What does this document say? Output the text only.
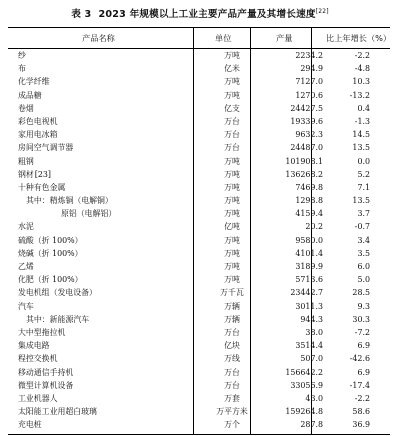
表 3 2023 年规模以上工业主要产品产量及其增长速度[22]
产品名称	单位	产量	比上年增长（%）
纱	万吨	2234.2	-2.2
布	亿米	294.9	-4.8
化学纤维	万吨	7127.0	10.3
成品糖	万吨	1270.6	-13.2
卷烟	亿支	24427.5	0.4
彩色电视机	万台	19339.6	-1.3
家用电冰箱	万台	9632.3	14.5
房间空气调节器	万台	24487.0	13.5
粗钢	万吨	101908.1	0.0
钢材 [23]	万吨	136268.2	5.2
十种有色金属	万吨	7469.8	7.1
其中：精炼铜（电解铜）	万吨	1298.8	13.5
原铝（电解铝）	万吨	4159.4	3.7
水泥	亿吨	20.2	-0.7
硫酸（折 100%）	万吨	9580.0	3.4
烧碱（折 100%）	万吨	4101.4	3.5
乙烯	万吨	3189.9	6.0
化肥（折 100%）	万吨	5713.6	5.0
发电机组（发电设备）	万千瓦	23442.7	28.5
汽车	万辆	3011.3	9.3
其中：新能源汽车	万辆	944.3	30.3
大中型拖拉机	万台	38.0	-7.2
集成电路	亿块	3514.4	6.9
程控交换机	万线	507.0	-42.6
移动通信手持机	万台	156642.2	6.9
微型计算机设备	万台	33056.9	-17.4
工业机器人	万套	43.0	-2.2
太阳能工业用超白玻璃	万平方米	159264.8	58.6
充电桩	万个	287.8	36.9
